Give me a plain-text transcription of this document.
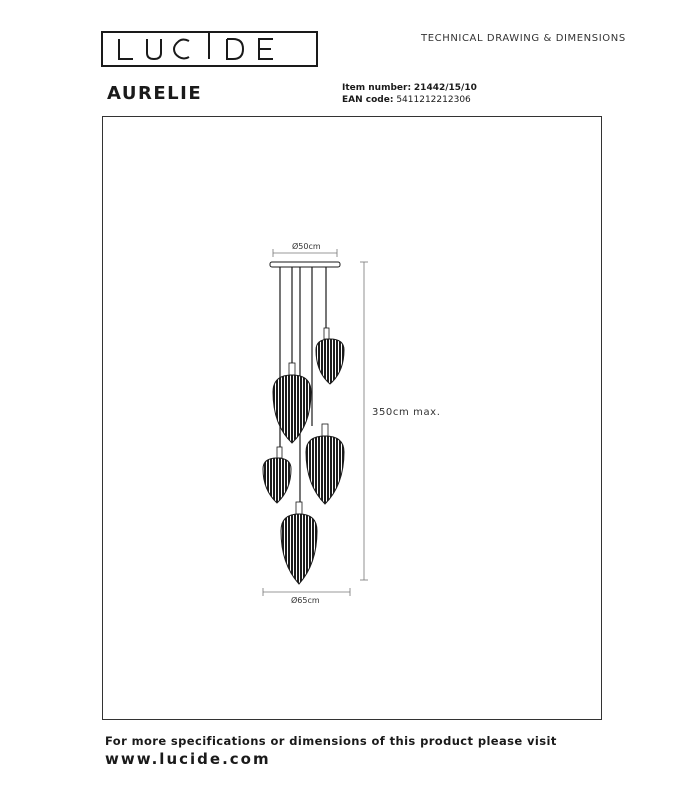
TECHNICAL DRAWING & DIMENSIONS
AURELIE	Item number: 21442/15/10
EAN code: 5411212212306
Ø50cm
350cm max.
Ø65cm
For more specifications or dimensions of this product please visit
www.lucide.com
